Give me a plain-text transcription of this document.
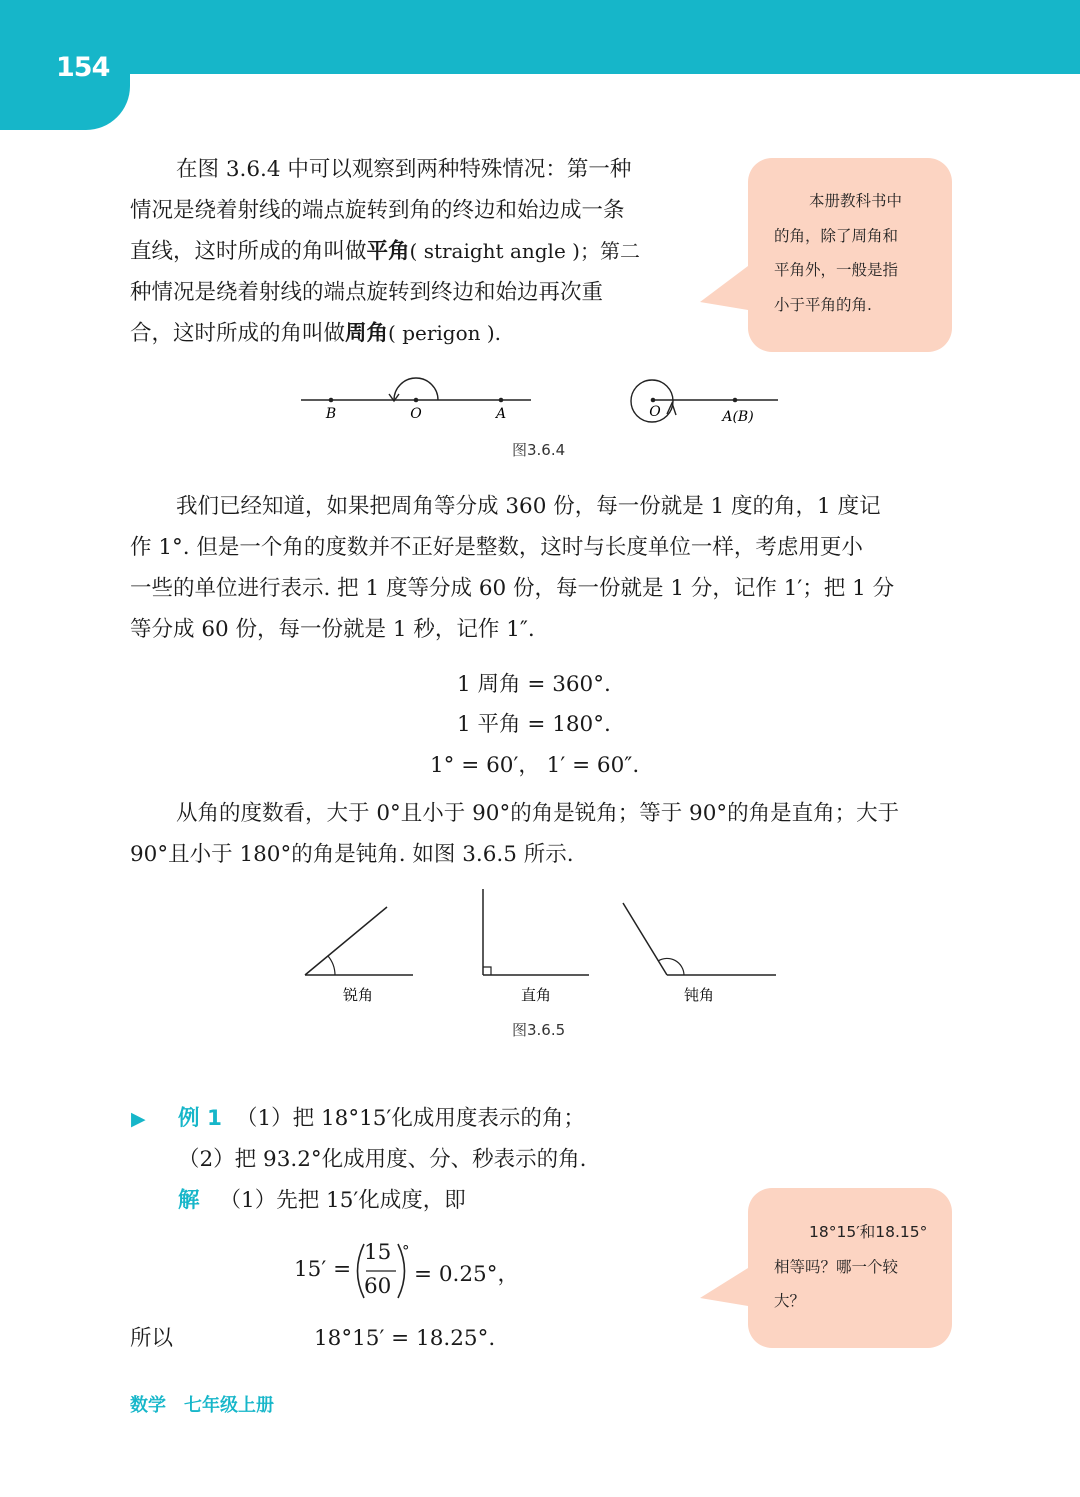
154
在图 3.6.4 中可以观察到两种特殊情况：第一种
情况是绕着射线的端点旋转到角的终边和始边成一条
直线，这时所成的角叫做平角( straight angle )；第二
种情况是绕着射线的端点旋转到终边和始边再次重
合，这时所成的角叫做周角( perigon ).
本册教科书中
的角，除了周角和
平角外，一般是指
小于平角的角.
B	O	A	O	A(B)
图3.6.4
我们已经知道，如果把周角等分成 360 份，每一份就是 1 度的角，1 度记
作 1°. 但是一个角的度数并不正好是整数，这时与长度单位一样，考虑用更小
一些的单位进行表示. 把 1 度等分成 60 份，每一份就是 1 分，记作 1′；把 1 分
等分成 60 份，每一份就是 1 秒，记作 1″.
1 周角 = 360°.
1 平角 = 180°.
1° = 60′， 1′ = 60″.
从角的度数看，大于 0°且小于 90°的角是锐角；等于 90°的角是直角；大于
90°且小于 180°的角是钝角. 如图 3.6.5 所示.
锐角	直角	钝角
图3.6.5
▶ 例 1 （1）把 18°15′化成用度表示的角；
（2）把 93.2°化成用度、分、秒表示的角.
解 （1）先把 15′化成度，即
15′ =
15
60
°
= 0.25°，
所以	18°15′ = 18.25°.
18°15′和18.15°
相等吗？哪一个较
大？
数学　七年级上册
